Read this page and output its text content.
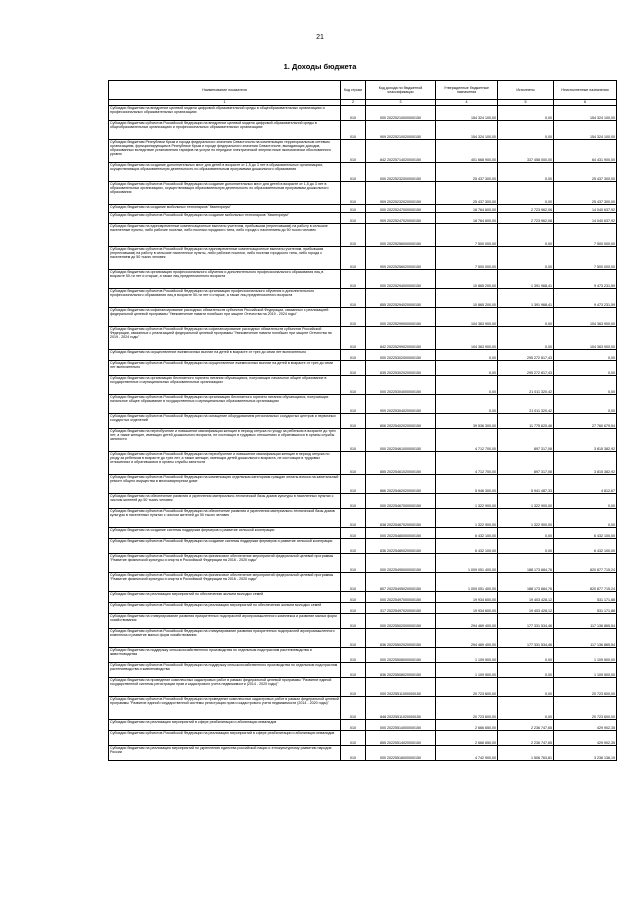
21
1. Доходы бюджета
Наименование показателя	Код строки	Код дохода по бюджетной классификации	Утвержденные бюджетные назначения	Исполнено	Неисполненные назначения
1	2	3	4	5	6
Субсидии бюджетам на внедрение целевой модели цифровой образовательной среды в общеобразовательных организациях и профессиональных образовательных организациях	010	000 20225210000000150	154 324 100,00	0,00	154 324 100,00
Субсидии бюджетам субъектов Российской Федерации на внедрение целевой модели цифровой образовательной среды в общеобразовательных организациях и профессиональных образовательных организациях	010	909 20225210020000150	154 324 100,00	0,00	154 324 100,00
Субсидии бюджетам Республики Крым и города федерального значения Севастополя на компенсацию территориальным сетевым организациям, функционирующим в Республике Крым и городе федерального значения Севастополе, выпадающих доходов, образованных вследствие установления тарифов на услуги по передаче электрической энергии ниже экономически обоснованного уровня	010	842 20225714020000150	401 668 900,00	337 458 000,00	64 431 900,00
Субсидии бюджетам на создание дополнительных мест для детей в возрасте от 1,5 до 3 лет в образовательных организациях, осуществляющих образовательную деятельность по образовательным программам дошкольного образования	010	000 20225232000000150	25 437 300,00	0,00	25 437 300,00
Субсидии бюджетам субъектов Российской Федерации на создание дополнительных мест для детей в возрасте от 1,5 до 3 лет в образовательных организациях, осуществляющих образовательную деятельность по образовательным программам дошкольного образования	010	909 20225232020000150	25 437 300,00	0,00	25 437 300,00
Субсидии бюджетам на создание мобильных технопарков "Кванториум"	010	000 20225247000000150	18 764 600,00	2 723 962,06	14 040 637,92
Субсидии бюджетам субъектов Российской Федерации на создание мобильных технопарков "Кванториум"	010	909 20225247020000150	18 764 600,00	2 723 962,08	14 040 637,92
Субсидии бюджетам на единовременные компенсационные выплаты учителям, прибывшим (переехавшим) на работу в сельские населенные пункты, либо рабочие поселки, либо поселки городского типа, либо города с населением до 50 тысяч человек	010	000 20225256000000150	7 500 000,00	0,00	7 500 000,00
Субсидии бюджетам субъектов Российской Федерации на единовременные компенсационные выплаты учителям, прибывшим (переехавшим) на работу в сельские населенные пункты, либо рабочие поселки, либо поселки городского типа, либо города с населением до 50 тысяч человек	010	909 20225256020000150	7 500 000,00	0,00	7 500 000,00
Субсидии бюджетам на организацию профессионального обучения и дополнительного профессионального образования лиц в возрасте 50-ти лет и старше, а также лиц предпенсионного возраста	010	000 20225294000000150	10 865 200,00	1 391 968,41	9 473 231,59
Субсидии бюджетам субъектов Российской Федерации на организацию профессионального обучения и дополнительного профессионального образования лиц в возрасте 50-ти лет и старше, а также лиц предпенсионного возраста	010	855 20225294020000150	10 865 200,00	1 391 968,41	9 473 231,59
Субсидии бюджетам на софинансирование расходных обязательств субъектов Российской Федерации, связанных с реализацией федеральной целевой программы "Увековечение памяти погибших при защите Отечества на 2019 - 2024 годы"	010	000 20225299000000150	104 363 900,00	0,00	104 363 900,00
Субсидии бюджетам субъектов Российской Федерации на софинансирование расходных обязательств субъектов Российской Федерации, связанных с реализацией федеральной целевой программы "Увековечение памяти погибших при защите Отечества на 2019 - 2024 годы"	010	842 20225299020000150	104 363 900,00	0,00	104 363 900,00
Субсидии бюджетам на осуществление ежемесячных выплат на детей в возрасте от трех до семи лет включительно	010	000 20225302000000150	0,00	295 272 817,43	0,00
Субсидии бюджетам субъектов Российской Федерации на осуществление ежемесячных выплат на детей в возрасте от трех до семи лет включительно	010	835 20225302020000150	0,00	295 272 817,43	0,00
Субсидии бюджетам на организацию бесплатного горячего питания обучающихся, получающих начальное общее образование в государственных и муниципальных образовательных организациях	010	000 20225304000000150	0,00	21 011 320,42	0,00
Субсидии бюджетам субъектов Российской Федерации на организацию бесплатного горячего питания обучающихся, получающих начальное общее образование в государственных и муниципальных образовательных организациях	010	909 20225304020000150	0,00	21 011 320,42	0,00
Субсидии бюджетам субъектов Российской Федерации на оснащение оборудованием региональных сосудистых центров и первичных сосудистых отделений	010	806 20225402020000150	39 536 300,00	11 775 620,46	27 760 679,54
Субсидии бюджетам на переобучение и повышение квалификации женщин в период отпуска по уходу за ребенком в возрасте до трех лет, а также женщин, имеющих детей дошкольного возраста, не состоящих в трудовых отношениях и обратившихся в органы службы занятости	010	000 20225461000000150	4 712 700,00	897 317,08	3 815 382,92
Субсидии бюджетам субъектов Российской Федерации на переобучение и повышение квалификации женщин в период отпуска по уходу за ребенком в возрасте до трех лет, а также женщин, имеющих детей дошкольного возраста, не состоящих в трудовых отношениях и обратившихся в органы службы занятости	010	855 20225461020000150	4 712 700,00	897 317,08	3 815 382,92
Субсидии бюджетам субъектов Российской Федерации на компенсацию отдельным категориям граждан оплаты взноса на капитальный ремонт общего имущества в многоквартирном доме	010	866 20225462020000150	5 946 300,00	5 941 487,33	4 812,67
Субсидии бюджетам на обеспечение развития и укрепления материально-технической базы домов культуры в населенных пунктах с числом жителей до 50 тысяч человек	010	000 20225467000000150	1 322 900,00	1 322 900,00	0,00
Субсидии бюджетам субъектов Российской Федерации на обеспечение развития и укрепления материально-технической базы домов культуры в населенных пунктах с числом жителей до 50 тысяч человек	010	838 20225467020000150	1 322 900,00	1 322 900,00	0,00
Субсидии бюджетам на создание системы поддержки фермеров и развитие сельской кооперации	010	000 20225480000000150	6 432 100,00	0,00	6 432 100,00
Субсидии бюджетам субъектов Российской Федерации на создание системы поддержки фермеров и развитие сельской кооперации	010	836 20225480020000150	6 432 100,00	0,00	6 432 100,00
Субсидии бюджетам субъектов Российской Федерации на финансовое обеспечение мероприятий федеральной целевой программы "Развитие физической культуры и спорта в Российской Федерации на 2016 - 2020 годы"	010	000 20225495000000150	1 009 051 400,00	188 173 684,76	820 877 715,24
Субсидии бюджетам субъектов Российской Федерации на финансовое обеспечение мероприятий федеральной целевой программы "Развитие физической культуры и спорта в Российской Федерации на 2016 - 2020 годы"	010	807 20225495020000150	1 009 051 400,00	188 173 684,76	820 877 715,24
Субсидии бюджетам на реализацию мероприятий по обеспечению жильем молодых семей	010	000 20225497000000150	19 934 600,00	19 403 428,12	531 171,88
Субсидии бюджетам субъектов Российской Федерации на реализацию мероприятий по обеспечению жильем молодых семей	010	317 20225497020000150	19 934 600,00	19 403 428,12	531 171,88
Субсидии бюджетам на стимулирование развития приоритетных подотраслей агропромышленного комплекса и развитие малых форм хозяйствования	010	000 20225502000000150	294 469 400,00	177 331 534,46	117 136 865,54
Субсидии бюджетам субъектов Российской Федерации на стимулирование развития приоритетных подотраслей агропромышленного комплекса и развитие малых форм хозяйствования	010	836 20225502020000150	294 469 400,00	177 331 534,46	117 136 865,54
Субсидии бюджетам на поддержку сельскохозяйственного производства по отдельным подотраслям растениеводства и животноводства	010	000 20225508000000150	1 109 500,00	0,00	1 109 500,00
Субсидии бюджетам субъектов Российской Федерации на поддержку сельскохозяйственного производства по отдельным подотраслям растениеводства и животноводства	010	836 20225508020000150	1 109 500,00	0,00	1 109 500,00
Субсидии бюджетам на проведение комплексных кадастровых работ в рамках федеральной целевой программы "Развитие единой государственной системы регистрации прав и кадастрового учета недвижимости (2014 - 2020 годы)"	010	000 20225511000000150	20 723 600,00	0,00	20 723 600,00
Субсидии бюджетам субъектов Российской Федерации на проведение комплексных кадастровых работ в рамках федеральной целевой программы "Развитие единой государственной системы регистрации прав и кадастрового учета недвижимости (2014 - 2020 годы)"	010	848 20225511020000150	20 723 600,00	0,00	20 723 600,00
Субсидии бюджетам на реализацию мероприятий в сфере реабилитации и абилитации инвалидов	010	000 20225514000000150	2 666 650,00	2 236 747,65	429 902,35
Субсидии бюджетам субъектов Российской Федерации на реализацию мероприятий в сфере реабилитации и абилитации инвалидов	010	855 20225514020000150	2 666 650,00	2 236 747,65	429 902,35
Субсидии бюджетам на реализацию мероприятий по укреплению единства российской нации и этнокультурному развитию народов России	010	000 20225516000000150	4 742 900,00	1 506 763,81	3 236 136,19
